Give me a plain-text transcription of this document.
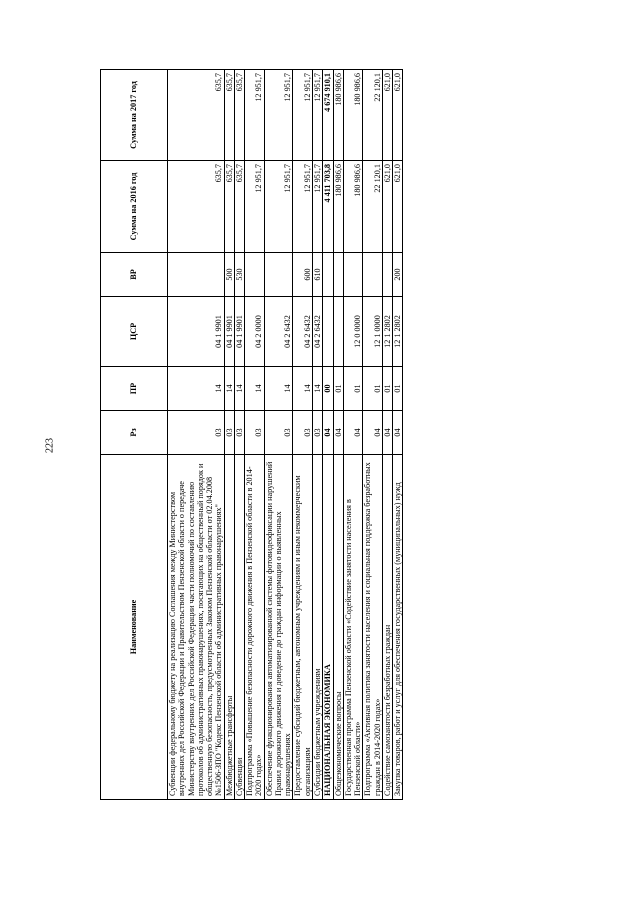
223
Наименование	Рз	ПР	ЦСР	ВР	Сумма на 2016 год	Сумма на 2017 год
Субвенции федеральному бюджету на реализацию Соглашения между Министерством внутренних дел Российской Федерации и Правительством Пензенской области о передаче Министерству внутренних дел Российской Федерации части полномочий по составлению протоколов об административных правонарушениях, посягающих на общественный порядок и общественную безопасность, предусмотренных Законом Пензенской области от 02.04.2008 №1506-ЗПО "Кодекс Пензенской области об административных правонарушениях"	03	14	04 1 9901		635,7	635,7
Межбюджетные трансферты	03	14	04 1 9901	500	635,7	635,7
Субвенции	03	14	04 1 9901	530	635,7	635,7
Подпрограмма «Повышение безопасности дорожного движения в Пензенской области в 2014-2020 годах»	03	14	04 2 0000		12 951,7	12 951,7
Обеспечение функционирования автоматизированной системы фотовидеофиксации нарушений Правил дорожного движения и доведение до граждан информации о выявленных правонарушениях	03	14	04 2 6432		12 951,7	12 951,7
Предоставление субсидий бюджетным, автономным учреждениям и иным некоммерческим организациям	03	14	04 2 6432	600	12 951,7	12 951,7
Субсидии бюджетным учреждениям	03	14	04 2 6432	610	12 951,7	12 951,7
НАЦИОНАЛЬНАЯ ЭКОНОМИКА	04	00			4 411 703,8	4 674 910,1
Общеэкономические вопросы	04	01			180 986,6	180 986,6
Государственная программа Пензенской области «Содействие занятости населения в Пензенской области»	04	01	12 0 0000		180 986,6	180 986,6
Подпрограмма «Активная политика занятости населения и социальная поддержка безработных граждан в 2014-2020 годах»	04	01	12 1 0000		22 120,1	22 120,1
Содействие самозанятости безработных граждан	04	01	12 1 2802		621,0	621,0
Закупка товаров, работ и услуг для обеспечения государственных (муниципальных) нужд	04	01	12 1 2802	200	621,0	621,0
